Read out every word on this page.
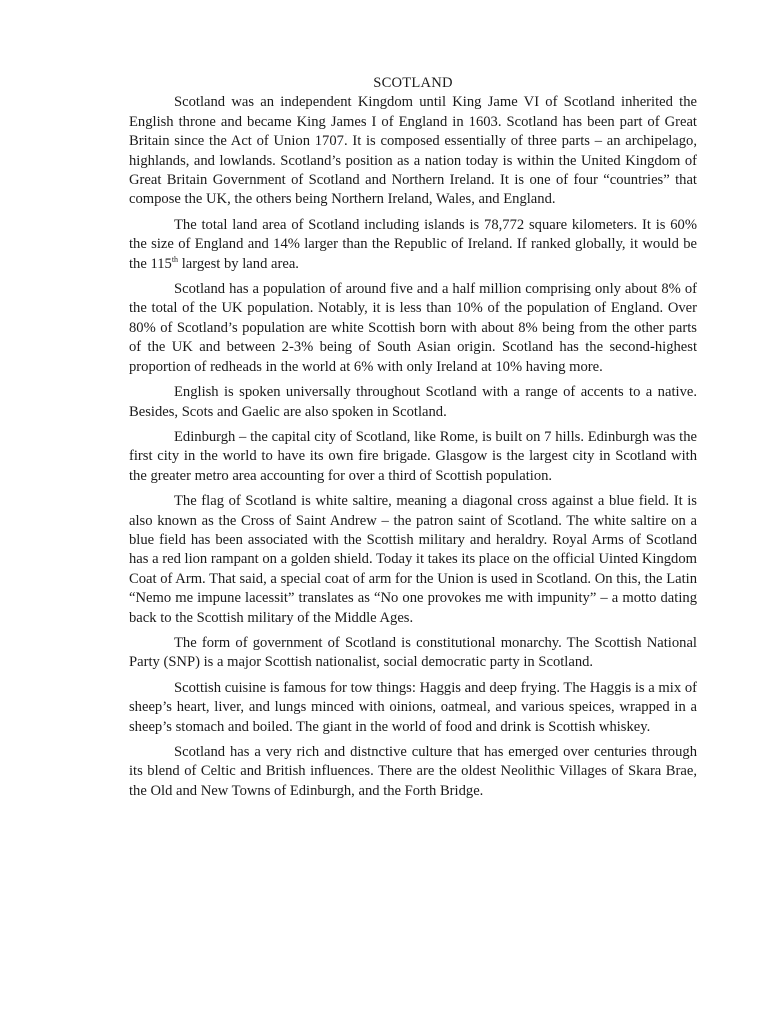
SCOTLAND

Scotland was an independent Kingdom until King Jame VI of Scotland inherited the English throne and became King James I of England in 1603. Scotland has been part of Great Britain since the Act of Union 1707. It is composed essentially of three parts – an archipelago, highlands, and lowlands. Scotland’s position as a nation today is within the United Kingdom of Great Britain Government of Scotland and Northern Ireland. It is one of four “countries” that compose the UK, the others being Northern Ireland, Wales, and England.

The total land area of Scotland including islands is 78,772 square kilometers. It is 60% the size of England and 14% larger than the Republic of Ireland. If ranked globally, it would be the 115th largest by land area.

Scotland has a population of around five and a half million comprising only about 8% of the total of the UK population. Notably, it is less than 10% of the population of England. Over 80% of Scotland’s population are white Scottish born with about 8% being from the other parts of the UK and between 2-3% being of South Asian origin. Scotland has the second-highest proportion of redheads in the world at 6% with only Ireland at 10% having more.

English is spoken universally throughout Scotland with a range of accents to a native. Besides, Scots and Gaelic are also spoken in Scotland.

Edinburgh – the capital city of Scotland, like Rome, is built on 7 hills. Edinburgh was the first city in the world to have its own fire brigade. Glasgow is the largest city in Scotland with the greater metro area accounting for over a third of Scottish population.

The flag of Scotland is white saltire, meaning a diagonal cross against a blue field. It is also known as the Cross of Saint Andrew – the patron saint of Scotland. The white saltire on a blue field has been associated with the Scottish military and heraldry. Royal Arms of Scotland has a red lion rampant on a golden shield. Today it takes its place on the official Uinted Kingdom Coat of Arm. That said, a special coat of arm for the Union is used in Scotland. On this, the Latin “Nemo me impune lacessit” translates as “No one provokes me with impunity” – a motto dating back to the Scottish military of the Middle Ages.

The form of government of Scotland is constitutional monarchy. The Scottish National Party (SNP) is a major Scottish nationalist, social democratic party in Scotland.

Scottish cuisine is famous for tow things: Haggis and deep frying. The Haggis is a mix of sheep’s heart, liver, and lungs minced with oinions, oatmeal, and various speices, wrapped in a sheep’s stomach and boiled. The giant in the world of food and drink is Scottish whiskey.

Scotland has a very rich and distnctive culture that has emerged over centuries through its blend of Celtic and British influences. There are the oldest Neolithic Villages of Skara Brae, the Old and New Towns of Edinburgh, and the Forth Bridge.
